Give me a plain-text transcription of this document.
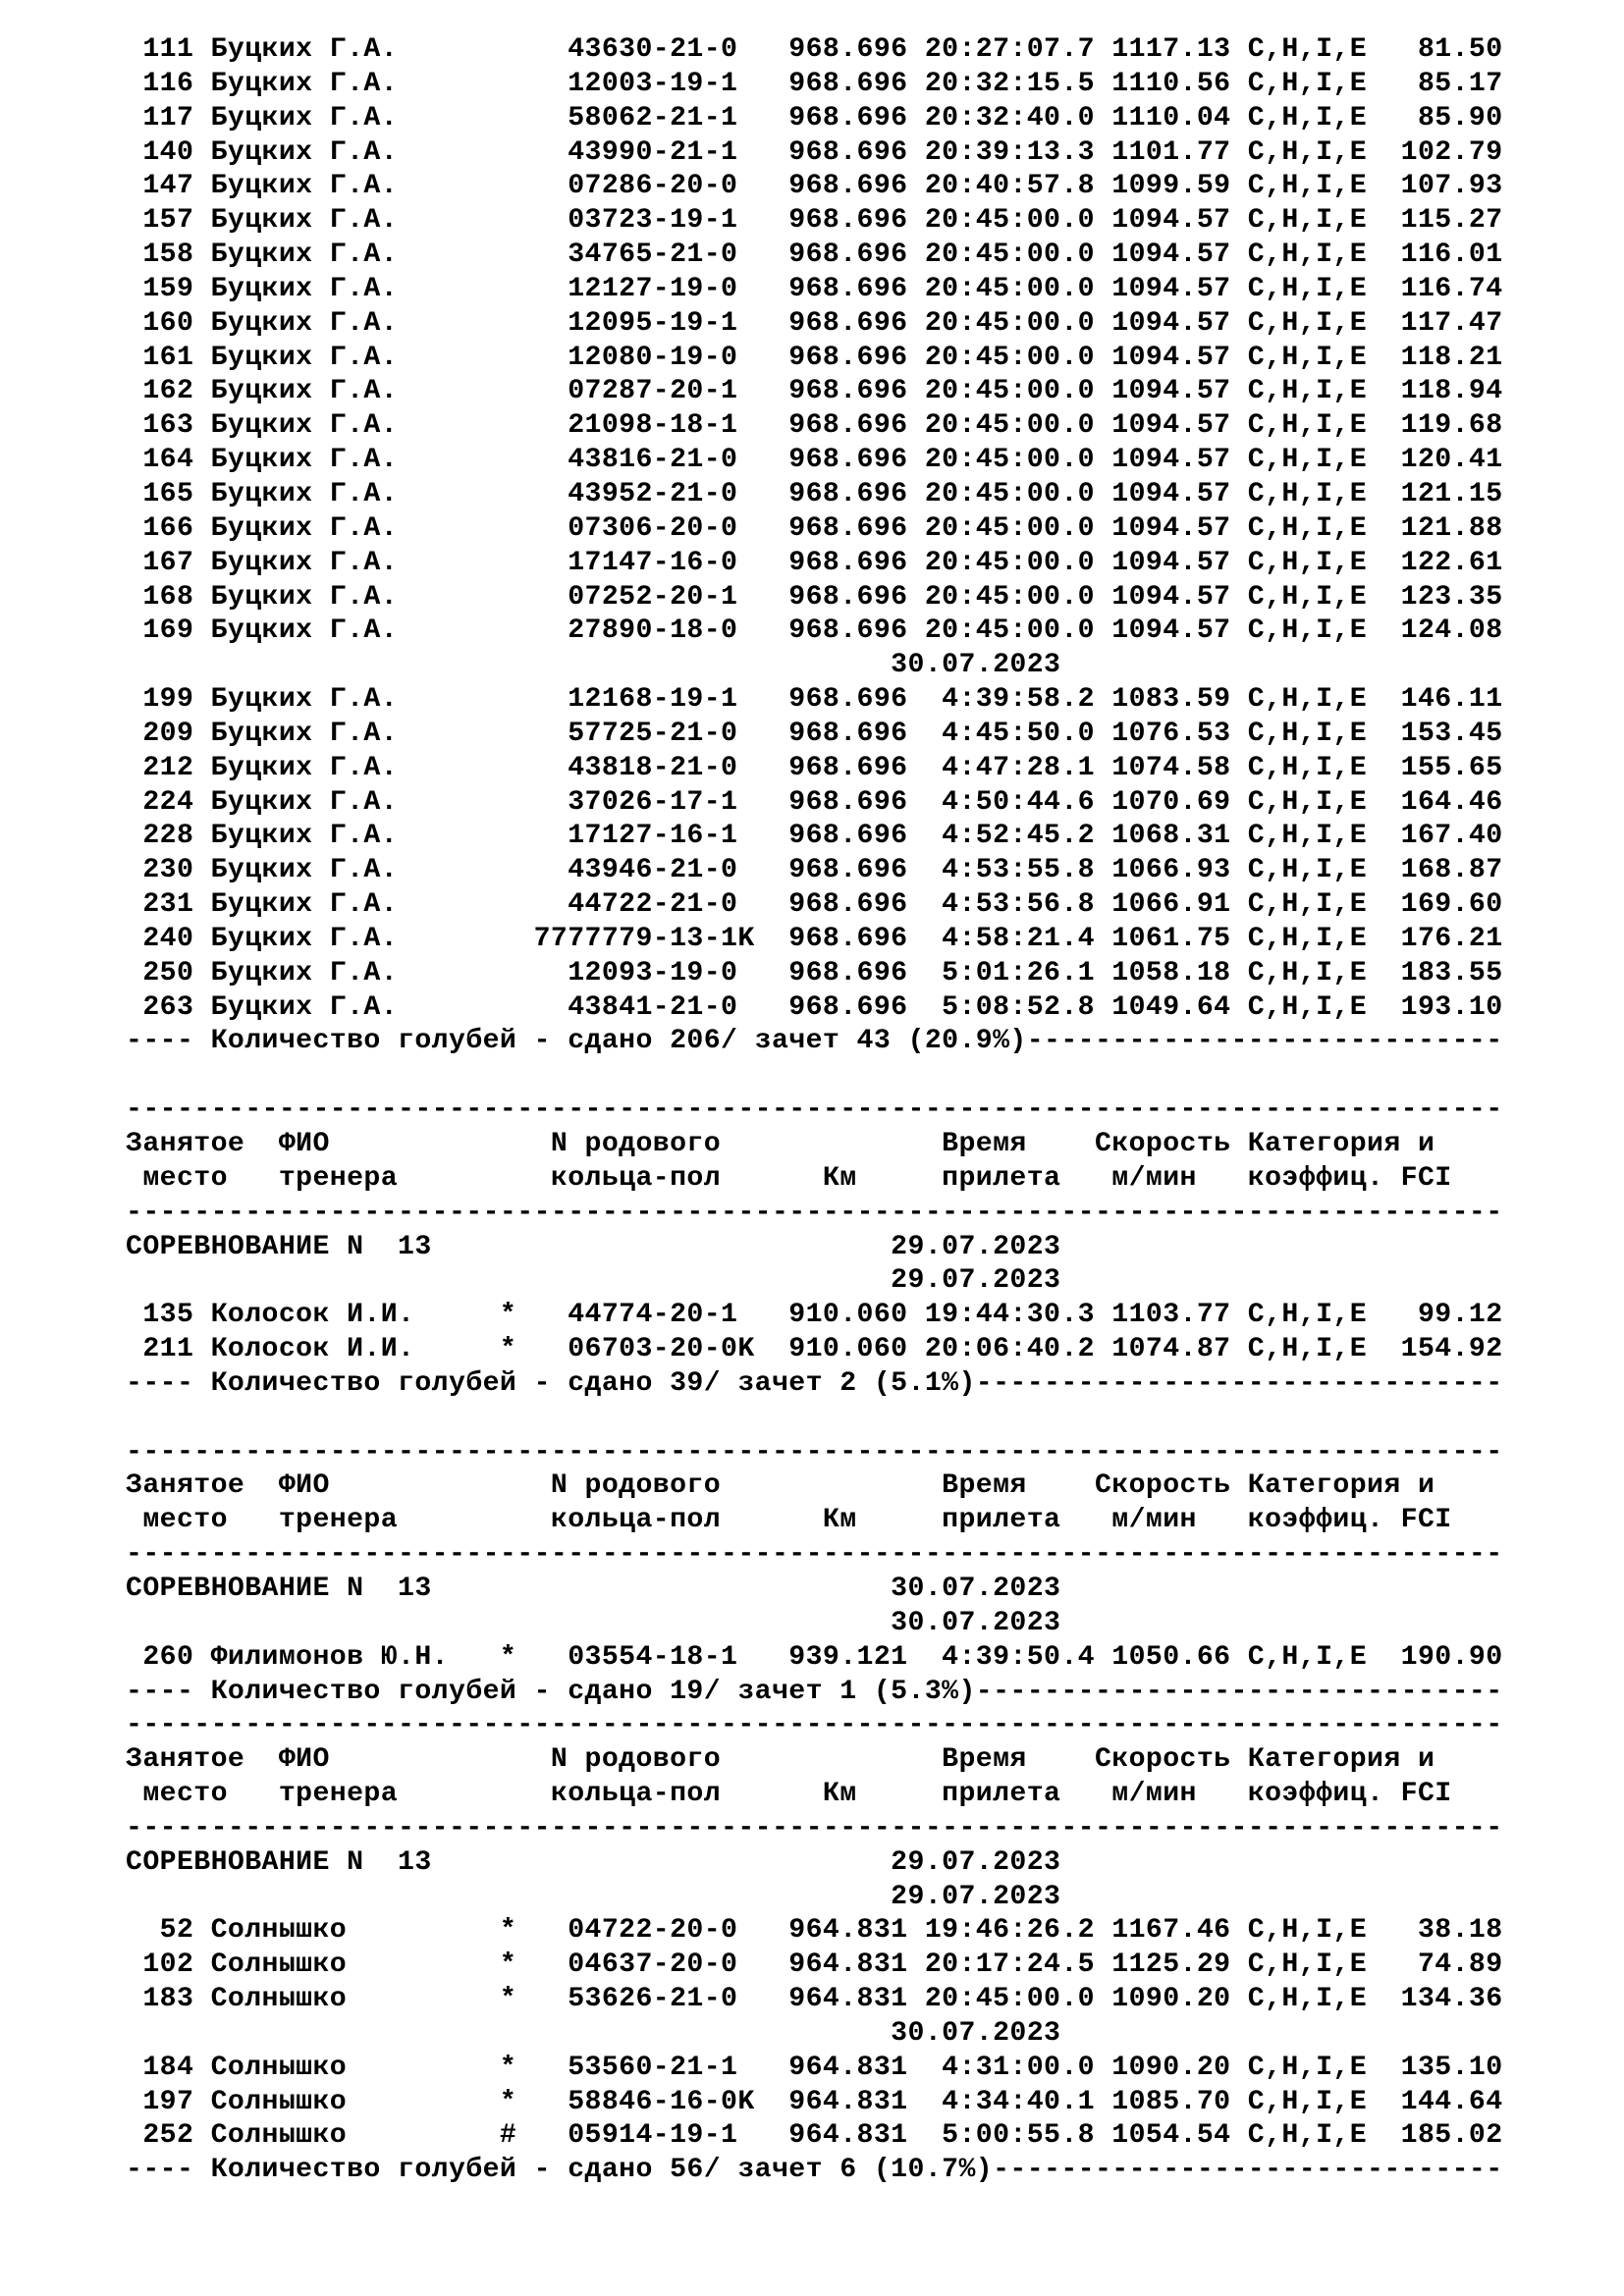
111 Буцких Г.А.          43630-21-0   968.696 20:27:07.7 1117.13 C,H,I,E   81.50
116 Буцких Г.А.          12003-19-1   968.696 20:32:15.5 1110.56 C,H,I,E   85.17
117 Буцких Г.А.          58062-21-1   968.696 20:32:40.0 1110.04 C,H,I,E   85.90
140 Буцких Г.А.          43990-21-1   968.696 20:39:13.3 1101.77 C,H,I,E  102.79
147 Буцких Г.А.          07286-20-0   968.696 20:40:57.8 1099.59 C,H,I,E  107.93
157 Буцких Г.А.          03723-19-1   968.696 20:45:00.0 1094.57 C,H,I,E  115.27
158 Буцких Г.А.          34765-21-0   968.696 20:45:00.0 1094.57 C,H,I,E  116.01
159 Буцких Г.А.          12127-19-0   968.696 20:45:00.0 1094.57 C,H,I,E  116.74
160 Буцких Г.А.          12095-19-1   968.696 20:45:00.0 1094.57 C,H,I,E  117.47
161 Буцких Г.А.          12080-19-0   968.696 20:45:00.0 1094.57 C,H,I,E  118.21
162 Буцких Г.А.          07287-20-1   968.696 20:45:00.0 1094.57 C,H,I,E  118.94
163 Буцких Г.А.          21098-18-1   968.696 20:45:00.0 1094.57 C,H,I,E  119.68
164 Буцких Г.А.          43816-21-0   968.696 20:45:00.0 1094.57 C,H,I,E  120.41
165 Буцких Г.А.          43952-21-0   968.696 20:45:00.0 1094.57 C,H,I,E  121.15
166 Буцких Г.А.          07306-20-0   968.696 20:45:00.0 1094.57 C,H,I,E  121.88
167 Буцких Г.А.          17147-16-0   968.696 20:45:00.0 1094.57 C,H,I,E  122.61
168 Буцких Г.А.          07252-20-1   968.696 20:45:00.0 1094.57 C,H,I,E  123.35
169 Буцких Г.А.          27890-18-0   968.696 20:45:00.0 1094.57 C,H,I,E  124.08
30.07.2023
199 Буцких Г.А.          12168-19-1   968.696  4:39:58.2 1083.59 C,H,I,E  146.11
209 Буцких Г.А.          57725-21-0   968.696  4:45:50.0 1076.53 C,H,I,E  153.45
212 Буцких Г.А.          43818-21-0   968.696  4:47:28.1 1074.58 C,H,I,E  155.65
224 Буцких Г.А.          37026-17-1   968.696  4:50:44.6 1070.69 C,H,I,E  164.46
228 Буцких Г.А.          17127-16-1   968.696  4:52:45.2 1068.31 C,H,I,E  167.40
230 Буцких Г.А.          43946-21-0   968.696  4:53:55.8 1066.93 C,H,I,E  168.87
231 Буцких Г.А.          44722-21-0   968.696  4:53:56.8 1066.91 C,H,I,E  169.60
240 Буцких Г.А.        7777779-13-1K  968.696  4:58:21.4 1061.75 C,H,I,E  176.21
250 Буцких Г.А.          12093-19-0   968.696  5:01:26.1 1058.18 C,H,I,E  183.55
263 Буцких Г.А.          43841-21-0   968.696  5:08:52.8 1049.64 C,H,I,E  193.10
---- Количество голубей - сдано 206/ зачет 43 (20.9%)----------------------------
---------------------------------------------------------------------------------
Занятое  ФИО             N родового             Время    Скорость Категория и
место   тренера         кольца-пол      Км     прилета   м/мин   коэффиц. FCI
---------------------------------------------------------------------------------
СОРЕВНОВАНИЕ N  13                           29.07.2023
29.07.2023
135 Колосок И.И.     *   44774-20-1   910.060 19:44:30.3 1103.77 C,H,I,E   99.12
211 Колосок И.И.     *   06703-20-0K  910.060 20:06:40.2 1074.87 C,H,I,E  154.92
---- Количество голубей - сдано 39/ зачет 2 (5.1%)-------------------------------
---------------------------------------------------------------------------------
Занятое  ФИО             N родового             Время    Скорость Категория и
место   тренера         кольца-пол      Км     прилета   м/мин   коэффиц. FCI
---------------------------------------------------------------------------------
СОРЕВНОВАНИЕ N  13                           30.07.2023
30.07.2023
260 Филимонов Ю.Н.   *   03554-18-1   939.121  4:39:50.4 1050.66 C,H,I,E  190.90
---- Количество голубей - сдано 19/ зачет 1 (5.3%)-------------------------------
---------------------------------------------------------------------------------
Занятое  ФИО             N родового             Время    Скорость Категория и
место   тренера         кольца-пол      Км     прилета   м/мин   коэффиц. FCI
---------------------------------------------------------------------------------
СОРЕВНОВАНИЕ N  13                           29.07.2023
29.07.2023
52 Солнышко         *   04722-20-0   964.831 19:46:26.2 1167.46 C,H,I,E   38.18
102 Солнышко         *   04637-20-0   964.831 20:17:24.5 1125.29 C,H,I,E   74.89
183 Солнышко         *   53626-21-0   964.831 20:45:00.0 1090.20 C,H,I,E  134.36
30.07.2023
184 Солнышко         *   53560-21-1   964.831  4:31:00.0 1090.20 C,H,I,E  135.10
197 Солнышко         *   58846-16-0K  964.831  4:34:40.1 1085.70 C,H,I,E  144.64
252 Солнышко         #   05914-19-1   964.831  5:00:55.8 1054.54 C,H,I,E  185.02
---- Количество голубей - сдано 56/ зачет 6 (10.7%)------------------------------
